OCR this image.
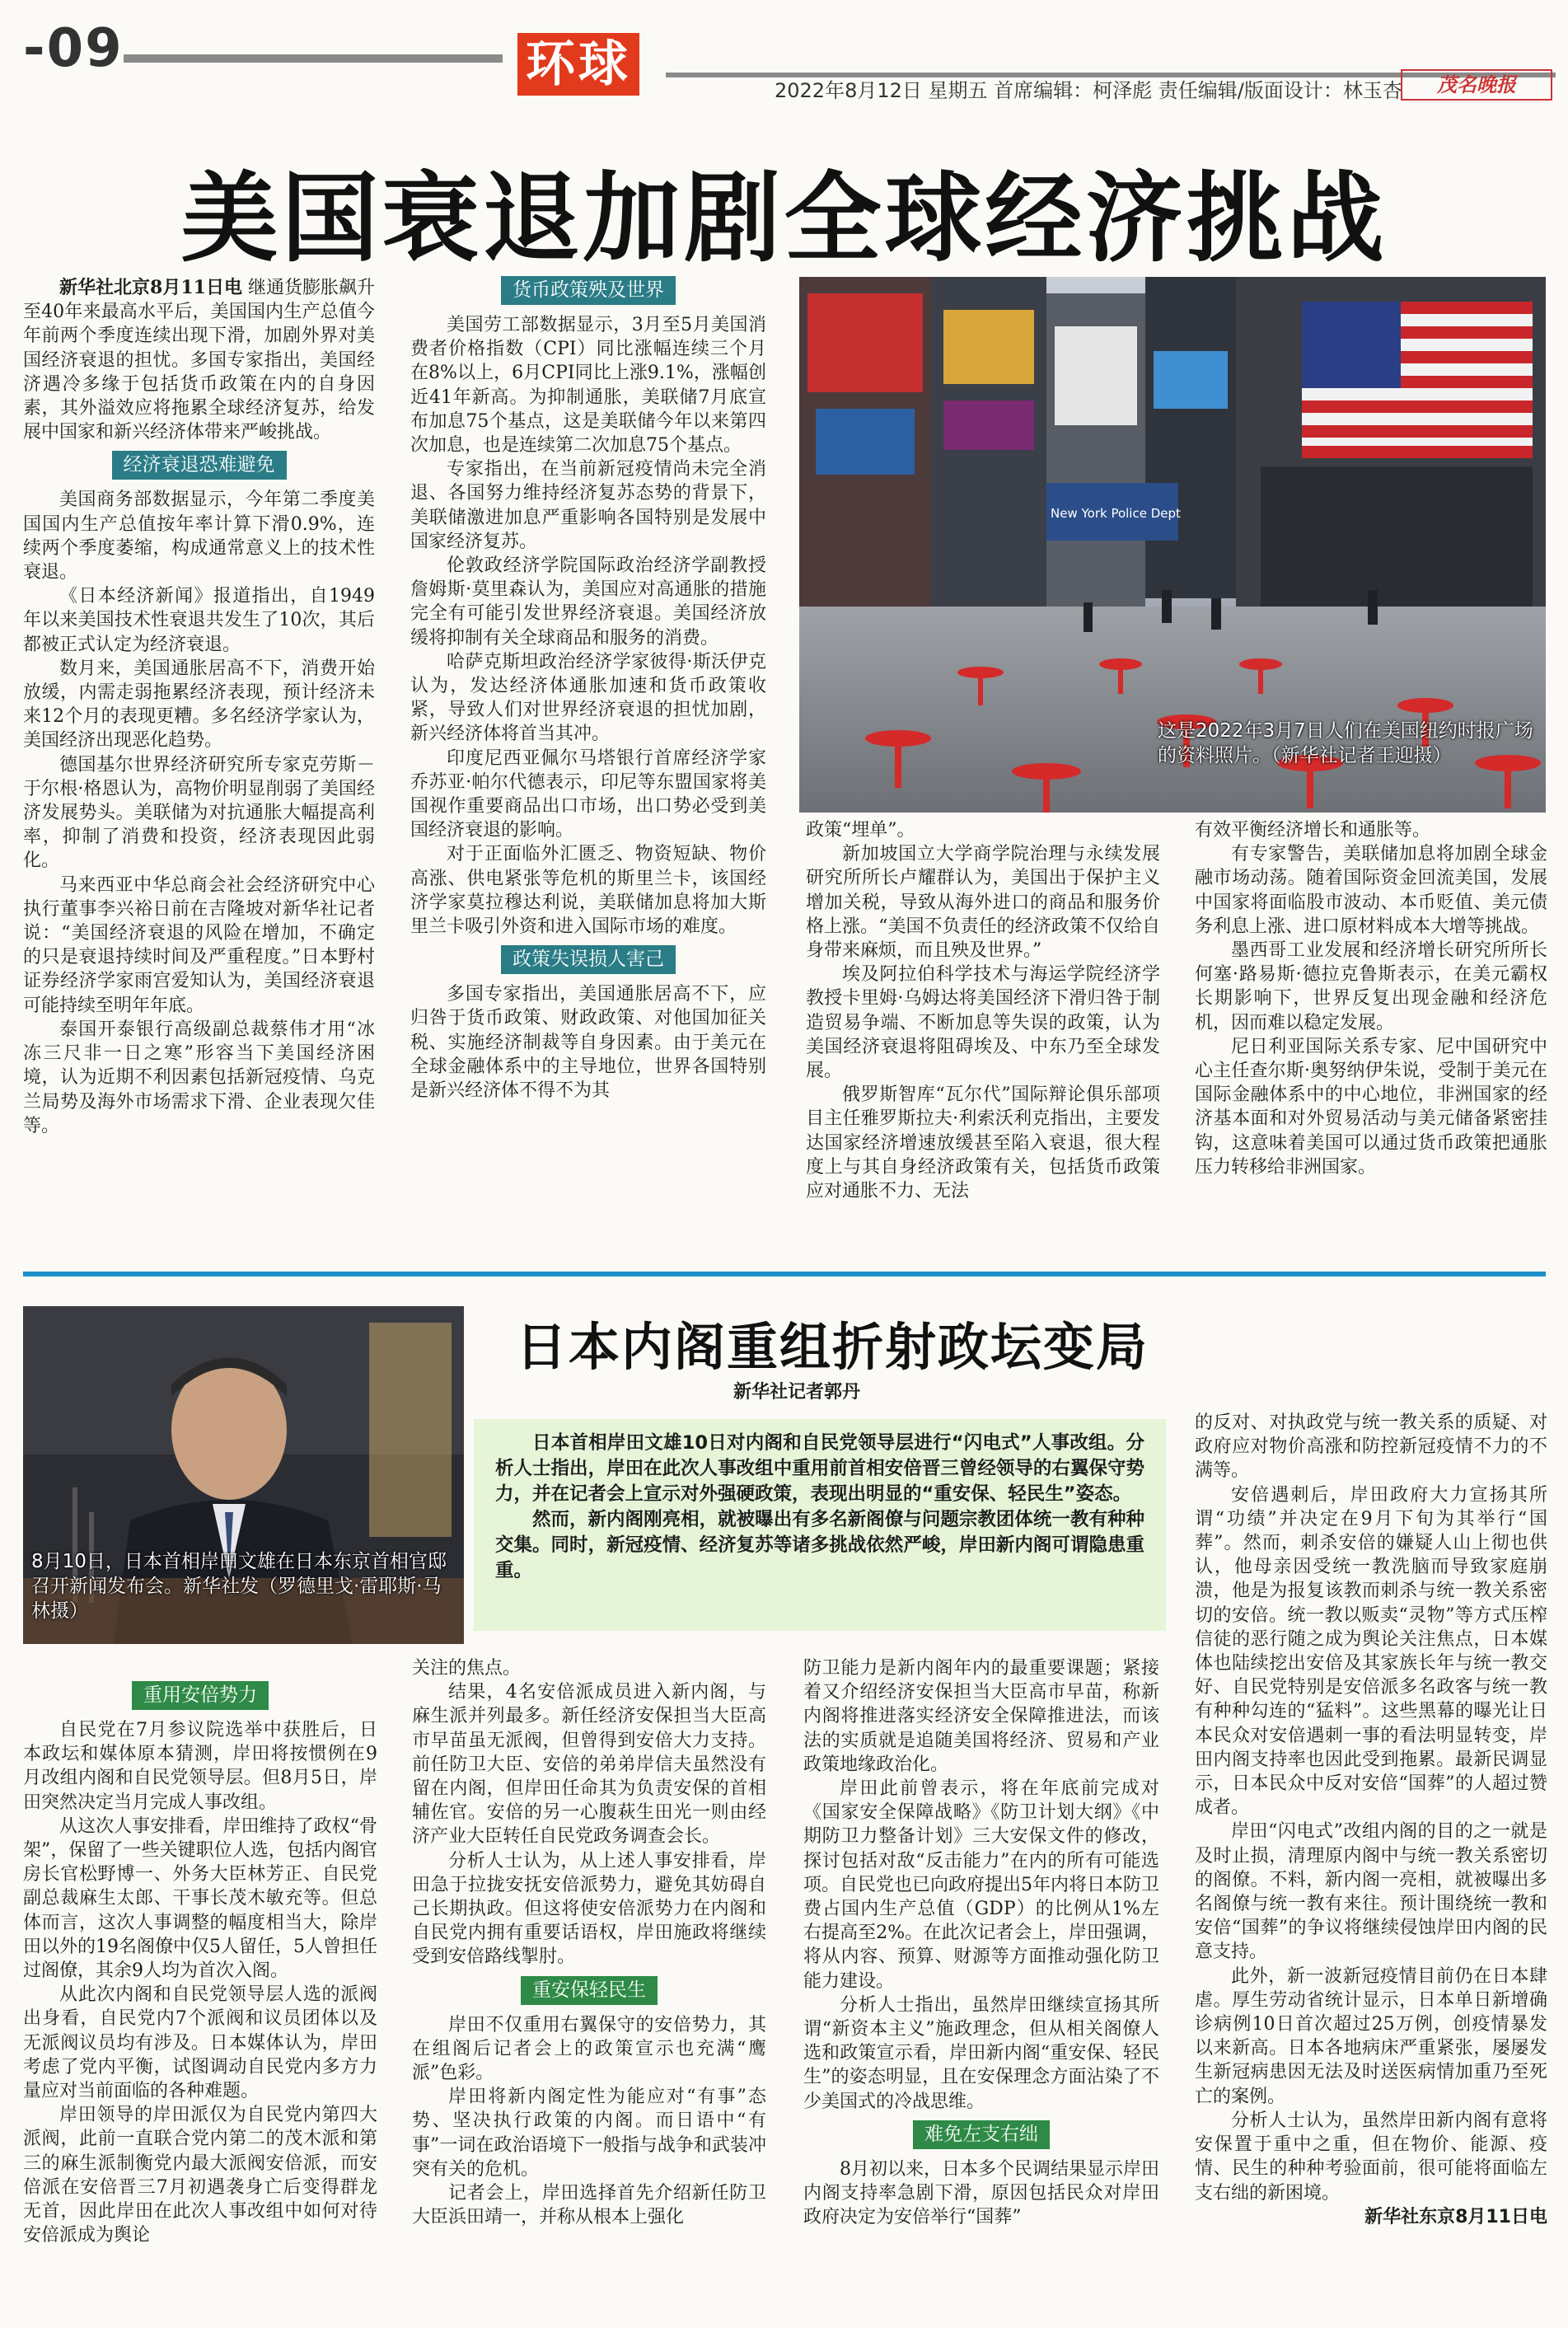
-09	环球	2022年8月12日 星期五 首席编辑：柯泽彪 责任编辑/版面设计：林玉杏	茂名晚报
美国衰退加剧全球经济挑战

新华社北京8月11日电 继通货膨胀飙升至40年来最高水平后，美国国内生产总值今年前两个季度连续出现下滑，加剧外界对美国经济衰退的担忧。多国专家指出，美国经济遇冷多缘于包括货币政策在内的自身因素，其外溢效应将拖累全球经济复苏，给发展中国家和新兴经济体带来严峻挑战。

经济衰退恐难避免

美国商务部数据显示，今年第二季度美国国内生产总值按年率计算下滑0.9%，连续两个季度萎缩，构成通常意义上的技术性衰退。

《日本经济新闻》报道指出，自1949年以来美国技术性衰退共发生了10次，其后都被正式认定为经济衰退。

数月来，美国通胀居高不下，消费开始放缓，内需走弱拖累经济表现，预计经济未来12个月的表现更糟。多名经济学家认为，美国经济出现恶化趋势。

德国基尔世界经济研究所专家克劳斯－于尔根·格恩认为，高物价明显削弱了美国经济发展势头。美联储为对抗通胀大幅提高利率，抑制了消费和投资，经济表现因此弱化。

马来西亚中华总商会社会经济研究中心执行董事李兴裕日前在吉隆坡对新华社记者说：“美国经济衰退的风险在增加，不确定的只是衰退持续时间及严重程度。”日本野村证券经济学家雨宫爱知认为，美国经济衰退可能持续至明年年底。

泰国开泰银行高级副总裁蔡伟才用“冰冻三尺非一日之寒”形容当下美国经济困境，认为近期不利因素包括新冠疫情、乌克兰局势及海外市场需求下滑、企业表现欠佳等。

货币政策殃及世界

美国劳工部数据显示，3月至5月美国消费者价格指数（CPI）同比涨幅连续三个月在8%以上，6月CPI同比上涨9.1%，涨幅创近41年新高。为抑制通胀，美联储7月底宣布加息75个基点，这是美联储今年以来第四次加息，也是连续第二次加息75个基点。

专家指出，在当前新冠疫情尚未完全消退、各国努力维持经济复苏态势的背景下，美联储激进加息严重影响各国特别是发展中国家经济复苏。

伦敦政经济学院国际政治经济学副教授詹姆斯·莫里森认为，美国应对高通胀的措施完全有可能引发世界经济衰退。美国经济放缓将抑制有关全球商品和服务的消费。

哈萨克斯坦政治经济学家彼得·斯沃伊克认为，发达经济体通胀加速和货币政策收紧，导致人们对世界经济衰退的担忧加剧，新兴经济体将首当其冲。

印度尼西亚佩尔马塔银行首席经济学家乔苏亚·帕尔代德表示，印尼等东盟国家将美国视作重要商品出口市场，出口势必受到美国经济衰退的影响。

对于正面临外汇匮乏、物资短缺、物价高涨、供电紧张等危机的斯里兰卡，该国经济学家莫拉穆达利说，美联储加息将加大斯里兰卡吸引外资和进入国际市场的难度。

政策失误损人害己

多国专家指出，美国通胀居高不下，应归咎于货币政策、财政政策、对他国加征关税、实施经济制裁等自身因素。由于美元在全球金融体系中的主导地位，世界各国特别是新兴经济体不得不为其

New York Police Dept
这是2022年3月7日人们在美国纽约时报广场的资料照片。（新华社记者王迎摄）

政策“埋单”。

新加坡国立大学商学院治理与永续发展研究所所长卢耀群认为，美国出于保护主义增加关税，导致从海外进口的商品和服务价格上涨。“美国不负责任的经济政策不仅给自身带来麻烦，而且殃及世界。”

埃及阿拉伯科学技术与海运学院经济学教授卡里姆·乌姆达将美国经济下滑归咎于制造贸易争端、不断加息等失误的政策，认为美国经济衰退将阻碍埃及、中东乃至全球发展。

俄罗斯智库“瓦尔代”国际辩论俱乐部项目主任雅罗斯拉夫·利索沃利克指出，主要发达国家经济增速放缓甚至陷入衰退，很大程度上与其自身经济政策有关，包括货币政策应对通胀不力、无法

有效平衡经济增长和通胀等。

有专家警告，美联储加息将加剧全球金融市场动荡。随着国际资金回流美国，发展中国家将面临股市波动、本币贬值、美元债务利息上涨、进口原材料成本大增等挑战。

墨西哥工业发展和经济增长研究所所长何塞·路易斯·德拉克鲁斯表示，在美元霸权长期影响下，世界反复出现金融和经济危机，因而难以稳定发展。

尼日利亚国际关系专家、尼中国研究中心主任查尔斯·奥努纳伊朱说，受制于美元在国际金融体系中的中心地位，非洲国家的经济基本面和对外贸易活动与美元储备紧密挂钩，这意味着美国可以通过货币政策把通胀压力转移给非洲国家。

8月10日，日本首相岸田文雄在日本东京首相官邸召开新闻发布会。新华社发（罗德里戈·雷耶斯·马林摄）
日本内阁重组折射政坛变局
新华社记者郭丹

日本首相岸田文雄10日对内阁和自民党领导层进行“闪电式”人事改组。分析人士指出，岸田在此次人事改组中重用前首相安倍晋三曾经领导的右翼保守势力，并在记者会上宣示对外强硬政策，表现出明显的“重安保、轻民生”姿态。

然而，新内阁刚亮相，就被曝出有多名新阁僚与问题宗教团体统一教有种种交集。同时，新冠疫情、经济复苏等诸多挑战依然严峻，岸田新内阁可谓隐患重重。

重用安倍势力

自民党在7月参议院选举中获胜后，日本政坛和媒体原本猜测，岸田将按惯例在9月改组内阁和自民党领导层。但8月5日，岸田突然决定当月完成人事改组。

从这次人事安排看，岸田维持了政权“骨架”，保留了一些关键职位人选，包括内阁官房长官松野博一、外务大臣林芳正、自民党副总裁麻生太郎、干事长茂木敏充等。但总体而言，这次人事调整的幅度相当大，除岸田以外的19名阁僚中仅5人留任，5人曾担任过阁僚，其余9人均为首次入阁。

从此次内阁和自民党领导层人选的派阀出身看，自民党内7个派阀和议员团体以及无派阀议员均有涉及。日本媒体认为，岸田考虑了党内平衡，试图调动自民党内多方力量应对当前面临的各种难题。

岸田领导的岸田派仅为自民党内第四大派阀，此前一直联合党内第二的茂木派和第三的麻生派制衡党内最大派阀安倍派，而安倍派在安倍晋三7月初遇袭身亡后变得群龙无首，因此岸田在此次人事改组中如何对待安倍派成为舆论

关注的焦点。

结果，4名安倍派成员进入新内阁，与麻生派并列最多。新任经济安保担当大臣高市早苗虽无派阀，但曾得到安倍大力支持。前任防卫大臣、安倍的弟弟岸信夫虽然没有留在内阁，但岸田任命其为负责安保的首相辅佐官。安倍的另一心腹萩生田光一则由经济产业大臣转任自民党政务调查会长。

分析人士认为，从上述人事安排看，岸田急于拉拢安抚安倍派势力，避免其妨碍自己长期执政。但这将使安倍派势力在内阁和自民党内拥有重要话语权，岸田施政将继续受到安倍路线掣肘。

重安保轻民生

岸田不仅重用右翼保守的安倍势力，其在组阁后记者会上的政策宣示也充满“鹰派”色彩。

岸田将新内阁定性为能应对“有事”态势、坚决执行政策的内阁。而日语中“有事”一词在政治语境下一般指与战争和武装冲突有关的危机。

记者会上，岸田选择首先介绍新任防卫大臣浜田靖一，并称从根本上强化

防卫能力是新内阁年内的最重要课题；紧接着又介绍经济安保担当大臣高市早苗，称新内阁将推进落实经济安全保障推进法，而该法的实质就是追随美国将经济、贸易和产业政策地缘政治化。

岸田此前曾表示，将在年底前完成对《国家安全保障战略》《防卫计划大纲》《中期防卫力整备计划》三大安保文件的修改，探讨包括对敌“反击能力”在内的所有可能选项。自民党也已向政府提出5年内将日本防卫费占国内生产总值（GDP）的比例从1%左右提高至2%。在此次记者会上，岸田强调，将从内容、预算、财源等方面推动强化防卫能力建设。

分析人士指出，虽然岸田继续宣扬其所谓“新资本主义”施政理念，但从相关阁僚人选和政策宣示看，岸田新内阁“重安保、轻民生”的姿态明显，且在安保理念方面沾染了不少美国式的冷战思维。

难免左支右绌

8月初以来，日本多个民调结果显示岸田内阁支持率急剧下滑，原因包括民众对岸田政府决定为安倍举行“国葬”

的反对、对执政党与统一教关系的质疑、对政府应对物价高涨和防控新冠疫情不力的不满等。

安倍遇刺后，岸田政府大力宣扬其所谓“功绩”并决定在9月下旬为其举行“国葬”。然而，刺杀安倍的嫌疑人山上彻也供认，他母亲因受统一教洗脑而导致家庭崩溃，他是为报复该教而刺杀与统一教关系密切的安倍。统一教以贩卖“灵物”等方式压榨信徒的恶行随之成为舆论关注焦点，日本媒体也陆续挖出安倍及其家族长年与统一教交好、自民党特别是安倍派多名政客与统一教有种种勾连的“猛料”。这些黑幕的曝光让日本民众对安倍遇刺一事的看法明显转变，岸田内阁支持率也因此受到拖累。最新民调显示，日本民众中反对安倍“国葬”的人超过赞成者。

岸田“闪电式”改组内阁的目的之一就是及时止损，清理原内阁中与统一教关系密切的阁僚。不料，新内阁一亮相，就被曝出多名阁僚与统一教有来往。预计围绕统一教和安倍“国葬”的争议将继续侵蚀岸田内阁的民意支持。

此外，新一波新冠疫情目前仍在日本肆虐。厚生劳动省统计显示，日本单日新增确诊病例10日首次超过25万例，创疫情暴发以来新高。日本各地病床严重紧张，屡屡发生新冠病患因无法及时送医病情加重乃至死亡的案例。

分析人士认为，虽然岸田新内阁有意将安保置于重中之重，但在物价、能源、疫情、民生的种种考验面前，很可能将面临左支右绌的新困境。

新华社东京8月11日电
